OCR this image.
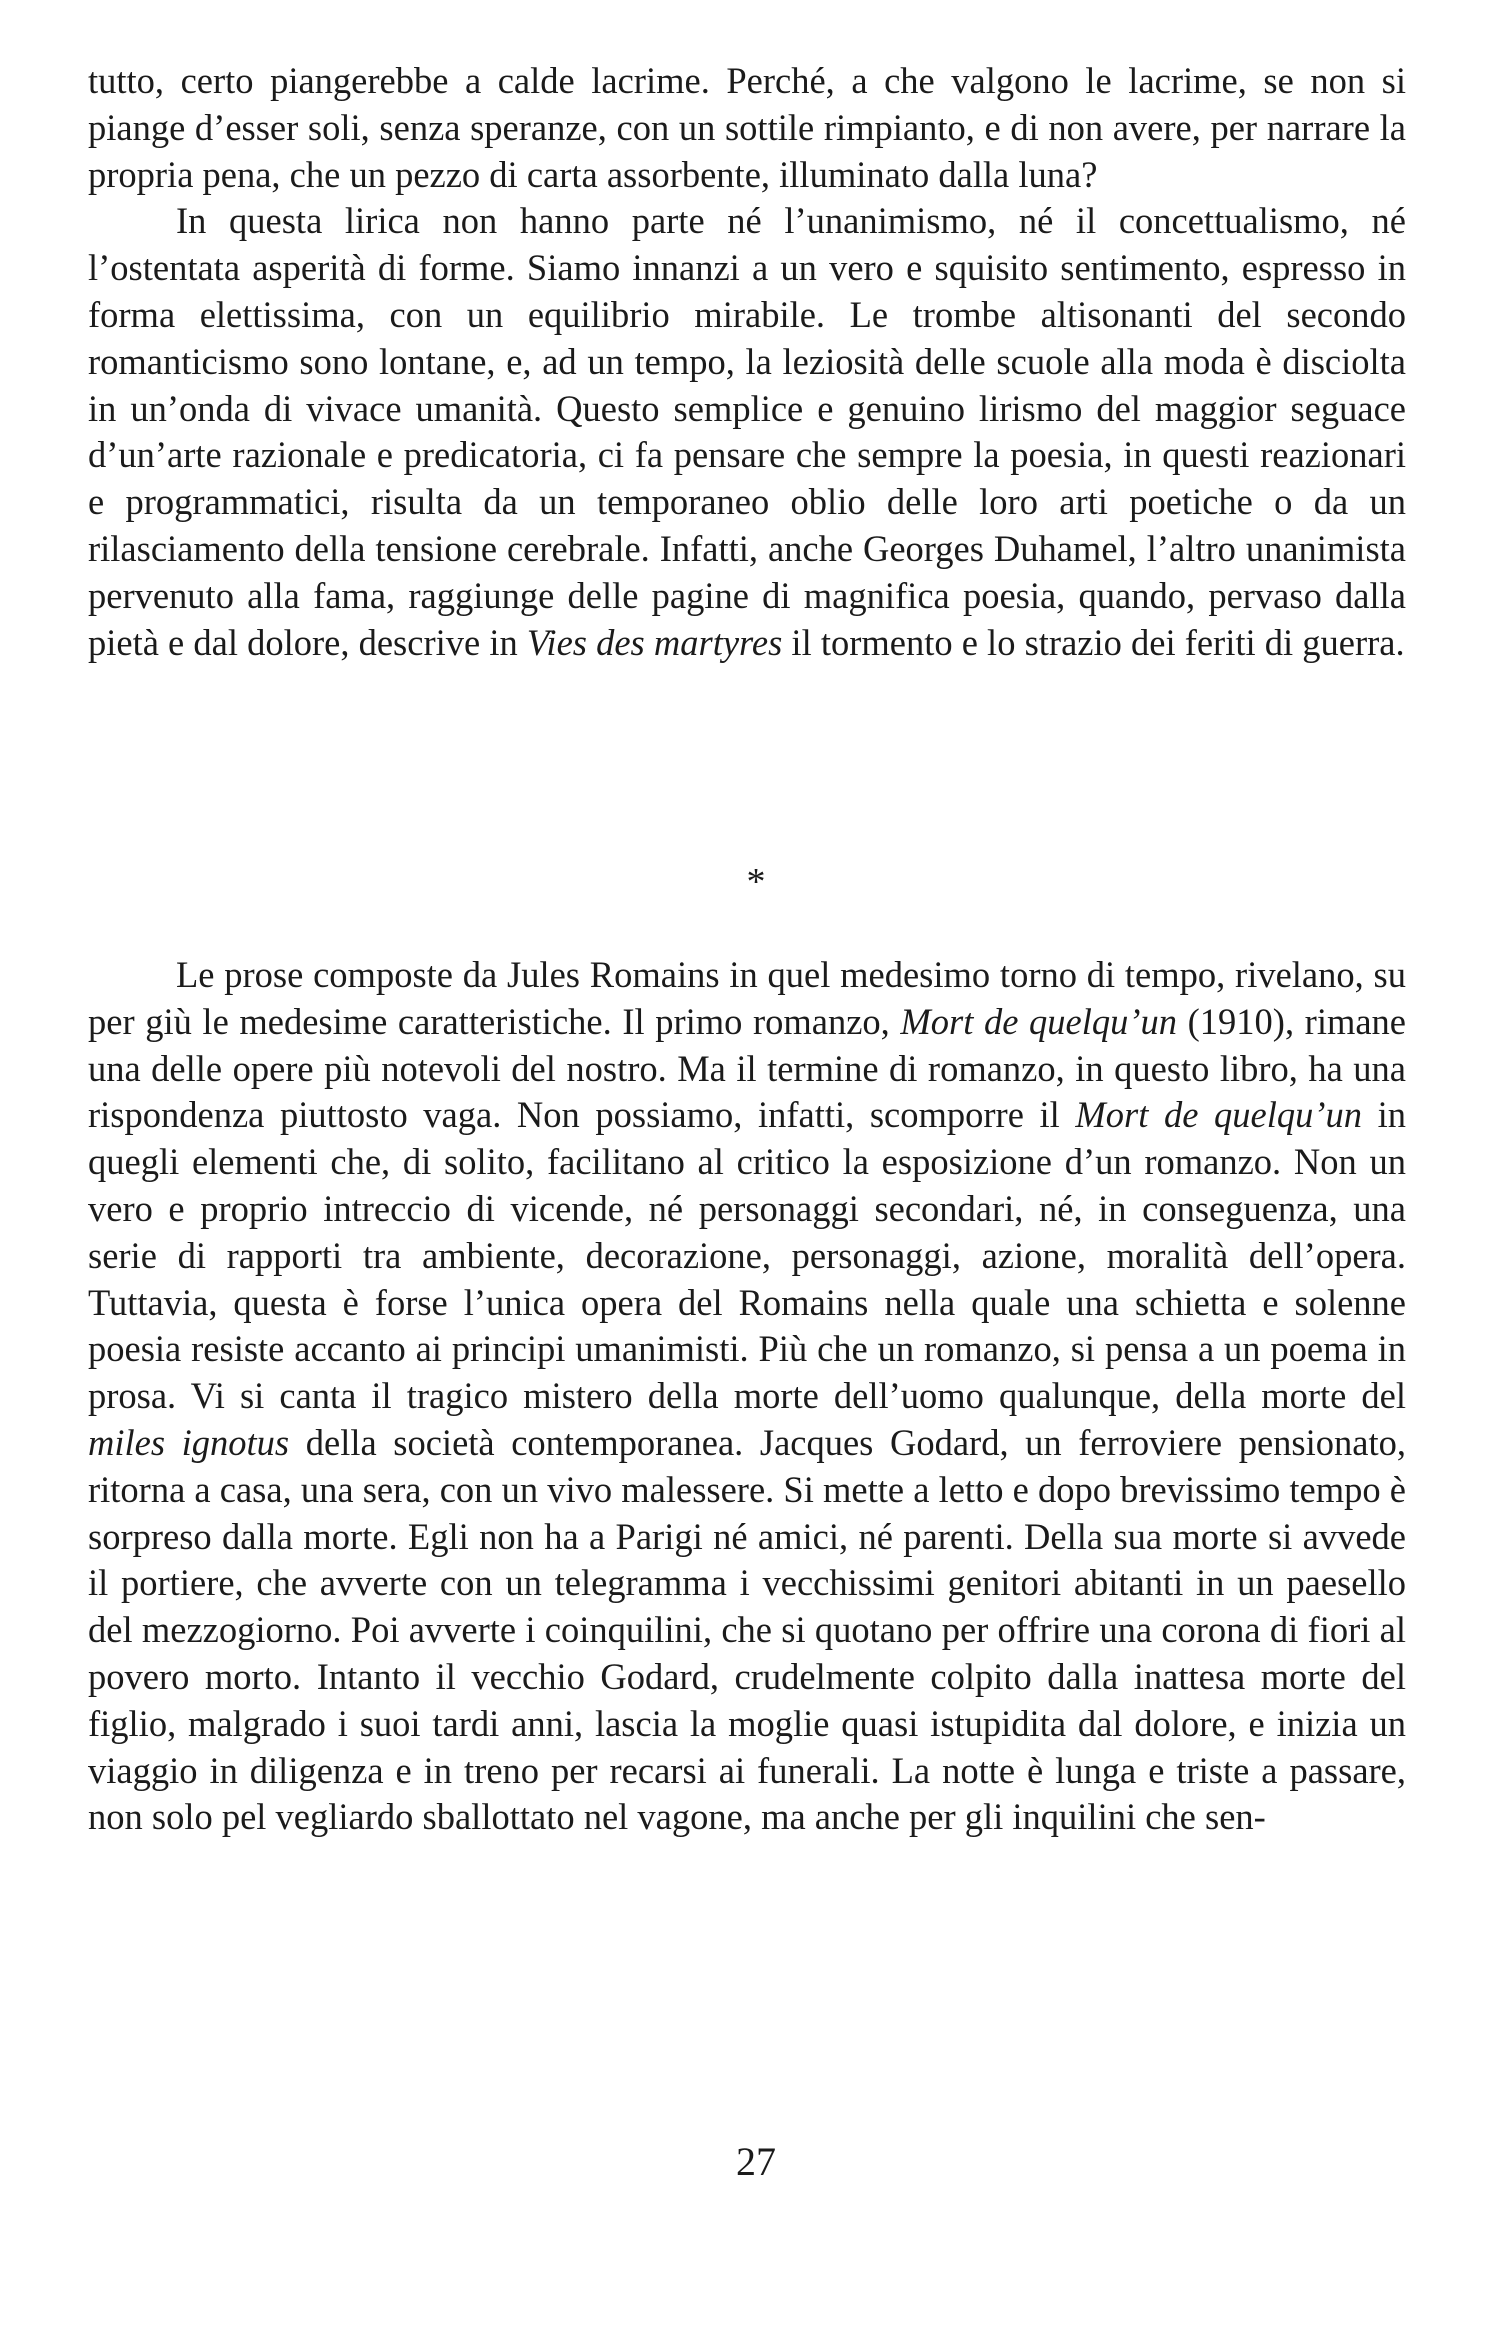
tutto, certo piangerebbe a calde lacrime. Perché, a che valgono le lacrime, se non si piange d’esser soli, senza speranze, con un sottile rimpianto, e di non avere, per narrare la propria pena, che un pezzo di carta assorbente, illuminato dalla luna?

In questa lirica non hanno parte né l’unanimismo, né il concettualismo, né l’ostentata asperità di forme. Siamo innanzi a un vero e squisito sentimento, espresso in forma elettissima, con un equilibrio mirabile. Le trombe altisonanti del secondo romanticismo sono lontane, e, ad un tempo, la leziosità delle scuole alla moda è disciolta in un’onda di vivace umanità. Questo semplice e genuino lirismo del maggior seguace d’un’arte razionale e predicatoria, ci fa pensare che sempre la poesia, in questi reazionari e programmatici, risulta da un temporaneo oblio delle loro arti poetiche o da un rilasciamento della tensione cerebrale. Infatti, anche Georges Duhamel, l’altro unanimista pervenuto alla fama, raggiunge delle pagine di magnifica poesia, quando, pervaso dalla pietà e dal dolore, descrive in Vies des martyres il tormento e lo strazio dei feriti di guerra.

*

Le prose composte da Jules Romains in quel medesimo torno di tempo, rivelano, su per giù le medesime caratteristiche. Il primo romanzo, Mort de quelqu’un (1910), rimane una delle opere più notevoli del nostro. Ma il termine di romanzo, in questo libro, ha una rispondenza piuttosto vaga. Non possiamo, infatti, scomporre il Mort de quelqu’un in quegli elementi che, di solito, facilitano al critico la esposizione d’un romanzo. Non un vero e proprio intreccio di vicende, né personaggi secondari, né, in conseguenza, una serie di rapporti tra ambiente, decorazione, personaggi, azione, moralità dell’opera. Tuttavia, questa è forse l’unica opera del Romains nella quale una schietta e solenne poesia resiste accanto ai principi umanimisti. Più che un romanzo, si pensa a un poema in prosa. Vi si canta il tragico mistero della morte dell’uomo qualunque, della morte del miles ignotus della società contemporanea. Jacques Godard, un ferroviere pensionato, ritorna a casa, una sera, con un vivo malessere. Si mette a letto e dopo brevissimo tempo è sorpreso dalla morte. Egli non ha a Parigi né amici, né parenti. Della sua morte si avvede il portiere, che avverte con un telegramma i vecchissimi genitori abitanti in un paesello del mezzogiorno. Poi avverte i coinquilini, che si quotano per offrire una corona di fiori al povero morto. Intanto il vecchio Godard, crudelmente colpito dalla inattesa morte del figlio, malgrado i suoi tardi anni, lascia la moglie quasi istupidita dal dolore, e inizia un viaggio in diligenza e in treno per recarsi ai funerali. La notte è lunga e triste a passare, non solo pel vegliardo sballottato nel vagone, ma anche per gli inquilini che sen-

27
